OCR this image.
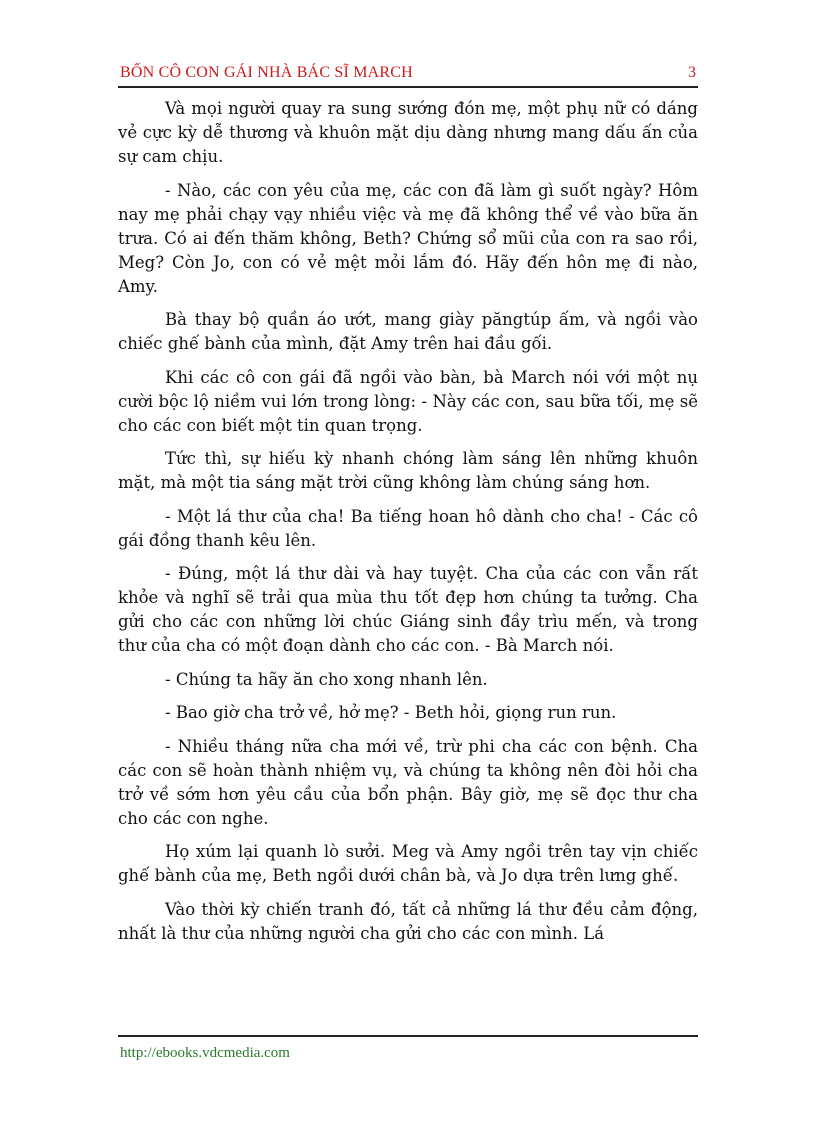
BỐN CÔ CON GÁI NHÀ BÁC SĨ MARCH	3

Và mọi người quay ra sung sướng đón mẹ, một phụ nữ có dáng vẻ cực kỳ dễ thương và khuôn mặt dịu dàng nhưng mang dấu ấn của sự cam chịu.

- Nào, các con yêu của mẹ, các con đã làm gì suốt ngày? Hôm nay mẹ phải chạy vạy nhiều việc và mẹ đã không thể về vào bữa ăn trưa. Có ai đến thăm không, Beth? Chứng sổ mũi của con ra sao rồi, Meg? Còn Jo, con có vẻ mệt mỏi lắm đó. Hãy đến hôn mẹ đi nào, Amy.

Bà thay bộ quần áo ướt, mang giày păngtúp ấm, và ngồi vào chiếc ghế bành của mình, đặt Amy trên hai đầu gối.

Khi các cô con gái đã ngồi vào bàn, bà March nói với một nụ cười bộc lộ niềm vui lớn trong lòng: - Này các con, sau bữa tối, mẹ sẽ cho các con biết một tin quan trọng.

Tức thì, sự hiếu kỳ nhanh chóng làm sáng lên những khuôn mặt, mà một tia sáng mặt trời cũng không làm chúng sáng hơn.

- Một lá thư của cha! Ba tiếng hoan hô dành cho cha! - Các cô gái đồng thanh kêu lên.

- Đúng, một lá thư dài và hay tuyệt. Cha của các con vẫn rất khỏe và nghĩ sẽ trải qua mùa thu tốt đẹp hơn chúng ta tưởng. Cha gửi cho các con những lời chúc Giáng sinh đầy trìu mến, và trong thư của cha có một đoạn dành cho các con. - Bà March nói.

- Chúng ta hãy ăn cho xong nhanh lên.

- Bao giờ cha trở về, hở mẹ? - Beth hỏi, giọng run run.

- Nhiều tháng nữa cha mới về, trừ phi cha các con bệnh. Cha các con sẽ hoàn thành nhiệm vụ, và chúng ta không nên đòi hỏi cha trở về sớm hơn yêu cầu của bổn phận. Bây giờ, mẹ sẽ đọc thư cha cho các con nghe.

Họ xúm lại quanh lò sưởi. Meg và Amy ngồi trên tay vịn chiếc ghế bành của mẹ, Beth ngồi dưới chân bà, và Jo dựa trên lưng ghế.

Vào thời kỳ chiến tranh đó, tất cả những lá thư đều cảm động, nhất là thư của những người cha gửi cho các con mình. Lá

http://ebooks.vdcmedia.com
